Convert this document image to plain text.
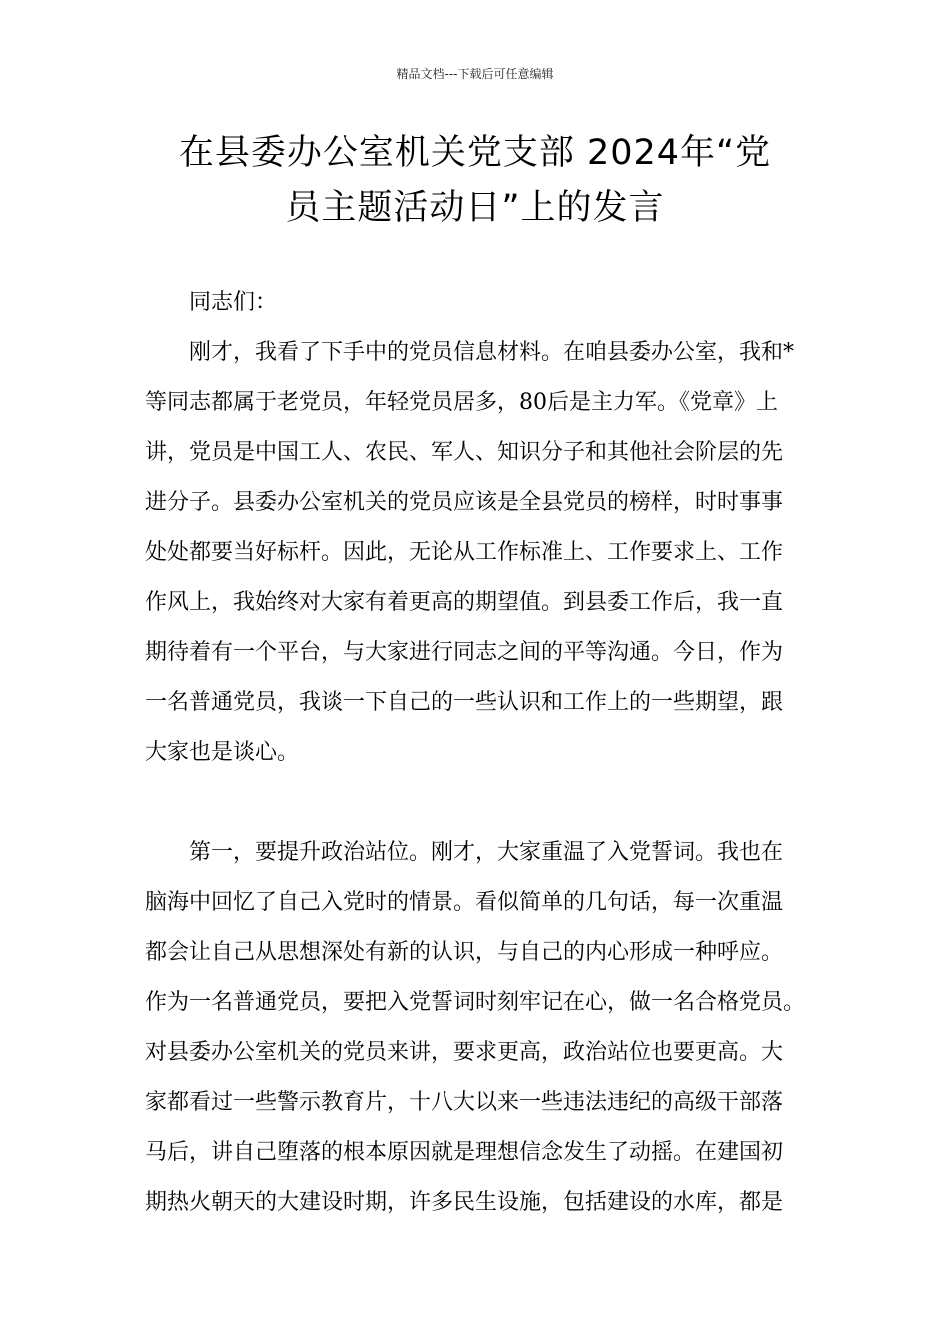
精品文档---下载后可任意编辑
在县委办公室机关党支部 2024年“党
员主题活动日”上的发言
同志们：
刚才，我看了下手中的党员信息材料。在咱县委办公室，我和*
等同志都属于老党员，年轻党员居多，80后是主力军。《党章》上
讲，党员是中国工人、农民、军人、知识分子和其他社会阶层的先
进分子。县委办公室机关的党员应该是全县党员的榜样，时时事事
处处都要当好标杆。因此，无论从工作标准上、工作要求上、工作
作风上，我始终对大家有着更高的期望值。到县委工作后，我一直
期待着有一个平台，与大家进行同志之间的平等沟通。今日，作为
一名普通党员，我谈一下自己的一些认识和工作上的一些期望，跟
大家也是谈心。
第一，要提升政治站位。刚才，大家重温了入党誓词。我也在
脑海中回忆了自己入党时的情景。看似简单的几句话，每一次重温
都会让自己从思想深处有新的认识，与自己的内心形成一种呼应。
作为一名普通党员，要把入党誓词时刻牢记在心，做一名合格党员。
对县委办公室机关的党员来讲，要求更高，政治站位也要更高。大
家都看过一些警示教育片，十八大以来一些违法违纪的高级干部落
马后，讲自己堕落的根本原因就是理想信念发生了动摇。在建国初
期热火朝天的大建设时期，许多民生设施，包括建设的水库，都是
